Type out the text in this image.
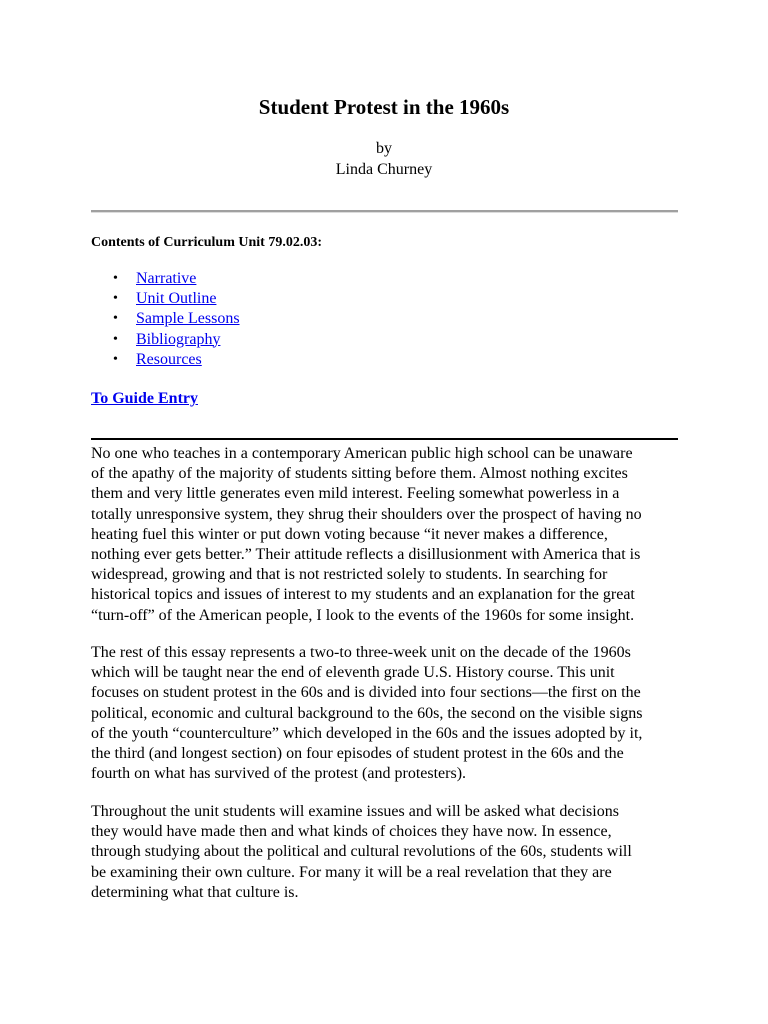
Student Protest in the 1960s
by
Linda Churney
Contents of Curriculum Unit 79.02.03:
• Narrative
• Unit Outline
• Sample Lessons
• Bibliography
• Resources
To Guide Entry

No one who teaches in a contemporary American public high school can be unaware

of the apathy of the majority of students sitting before them. Almost nothing excites

them and very little generates even mild interest. Feeling somewhat powerless in a

totally unresponsive system, they shrug their shoulders over the prospect of having no

heating fuel this winter or put down voting because “it never makes a difference,

nothing ever gets better.” Their attitude reflects a disillusionment with America that is

widespread, growing and that is not restricted solely to students. In searching for

historical topics and issues of interest to my students and an explanation for the great

“turn-off” of the American people, I look to the events of the 1960s for some insight.

The rest of this essay represents a two-to three-week unit on the decade of the 1960s

which will be taught near the end of eleventh grade U.S. History course. This unit

focuses on student protest in the 60s and is divided into four sections—the first on the

political, economic and cultural background to the 60s, the second on the visible signs

of the youth “counterculture” which developed in the 60s and the issues adopted by it,

the third (and longest section) on four episodes of student protest in the 60s and the

fourth on what has survived of the protest (and protesters).

Throughout the unit students will examine issues and will be asked what decisions

they would have made then and what kinds of choices they have now. In essence,

through studying about the political and cultural revolutions of the 60s, students will

be examining their own culture. For many it will be a real revelation that they are

determining what that culture is.
